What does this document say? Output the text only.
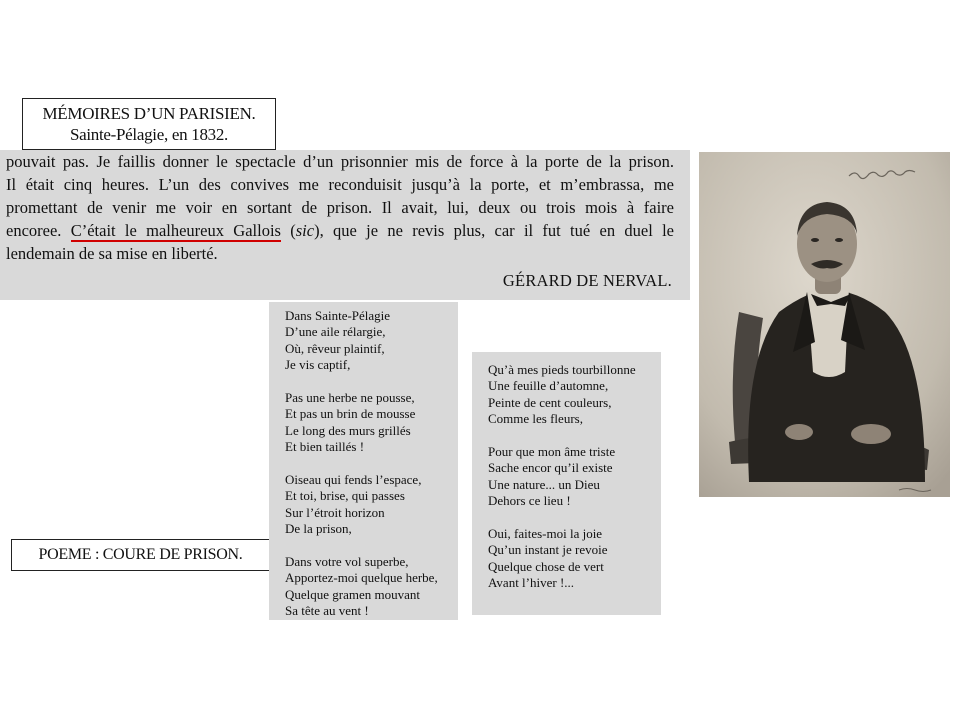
MÉMOIRES D’UN PARISIEN.
Sainte-Pélagie, en 1832.
pouvait pas. Je faillis donner le spectacle d’un prisonnier mis de force à la porte de la prison.
Il était cinq heures. L’un des convives me reconduisit jusqu’à la porte, et m’embrassa, me
promettant de venir me voir en sortant de prison. Il avait, lui, deux ou trois mois à faire
encoree. C’était le malheureux Gallois (sic), que je ne revis plus, car il fut tué en duel le
lendemain de sa mise en liberté.
GÉRARD DE NERVAL.
POEME : COURE DE PRISON.
Dans Sainte-Pélagie
D’une aile rélargie,
Où, rêveur plaintif,
Je vis captif,
Pas une herbe ne pousse,
Et pas un brin de mousse
Le long des murs grillés
Et bien taillés !
Oiseau qui fends l’espace,
Et toi, brise, qui passes
Sur l’étroit horizon
De la prison,
Dans votre vol superbe,
Apportez-moi quelque herbe,
Quelque gramen mouvant
Sa tête au vent !
Qu’à mes pieds tourbillonne
Une feuille d’automne,
Peinte de cent couleurs,
Comme les fleurs,
Pour que mon âme triste
Sache encor qu’il existe
Une nature... un Dieu
Dehors ce lieu !
Oui, faites-moi la joie
Qu’un instant je revoie
Quelque chose de vert
Avant l’hiver !...
